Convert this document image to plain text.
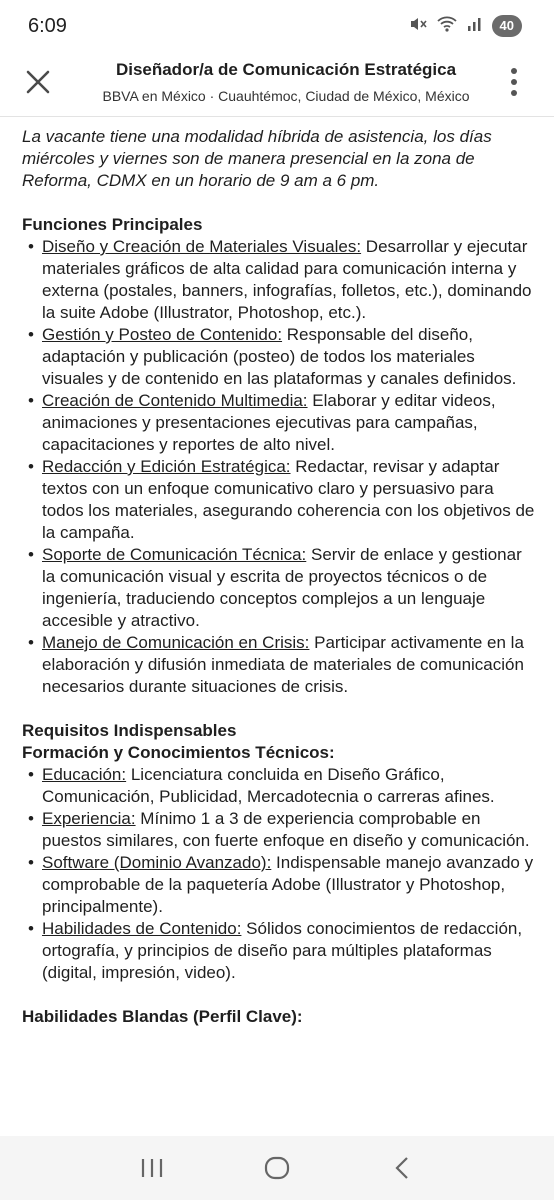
6:09	40
Diseñador/a de Comunicación Estratégica
BBVA en México · Cuauhtémoc, Ciudad de México, México

La vacante tiene una modalidad híbrida de asistencia, los días miércoles y viernes son de manera presencial en la zona de Reforma, CDMX en un horario de 9 am a 6 pm.

Funciones Principales

• Diseño y Creación de Materiales Visuales: Desarrollar y ejecutar materiales gráficos de alta calidad para comunicación interna y externa (postales, banners, infografías, folletos, etc.), dominando la suite Adobe (Illustrator, Photoshop, etc.).
• Gestión y Posteo de Contenido: Responsable del diseño, adaptación y publicación (posteo) de todos los materiales visuales y de contenido en las plataformas y canales definidos.
• Creación de Contenido Multimedia: Elaborar y editar videos, animaciones y presentaciones ejecutivas para campañas, capacitaciones y reportes de alto nivel.
• Redacción y Edición Estratégica: Redactar, revisar y adaptar textos con un enfoque comunicativo claro y persuasivo para todos los materiales, asegurando coherencia con los objetivos de la campaña.
• Soporte de Comunicación Técnica: Servir de enlace y gestionar la comunicación visual y escrita de proyectos técnicos o de ingeniería, traduciendo conceptos complejos a un lenguaje accesible y atractivo.
• Manejo de Comunicación en Crisis: Participar activamente en la elaboración y difusión inmediata de materiales de comunicación necesarios durante situaciones de crisis.

Requisitos Indispensables

Formación y Conocimientos Técnicos:

• Educación: Licenciatura concluida en Diseño Gráfico, Comunicación, Publicidad, Mercadotecnia o carreras afines.
• Experiencia: Mínimo 1 a 3 de experiencia comprobable en puestos similares, con fuerte enfoque en diseño y comunicación.
• Software (Dominio Avanzado): Indispensable manejo avanzado y comprobable de la paquetería Adobe (Illustrator y Photoshop, principalmente).
• Habilidades de Contenido: Sólidos conocimientos de redacción, ortografía, y principios de diseño para múltiples plataformas (digital, impresión, video).

Habilidades Blandas (Perfil Clave):
